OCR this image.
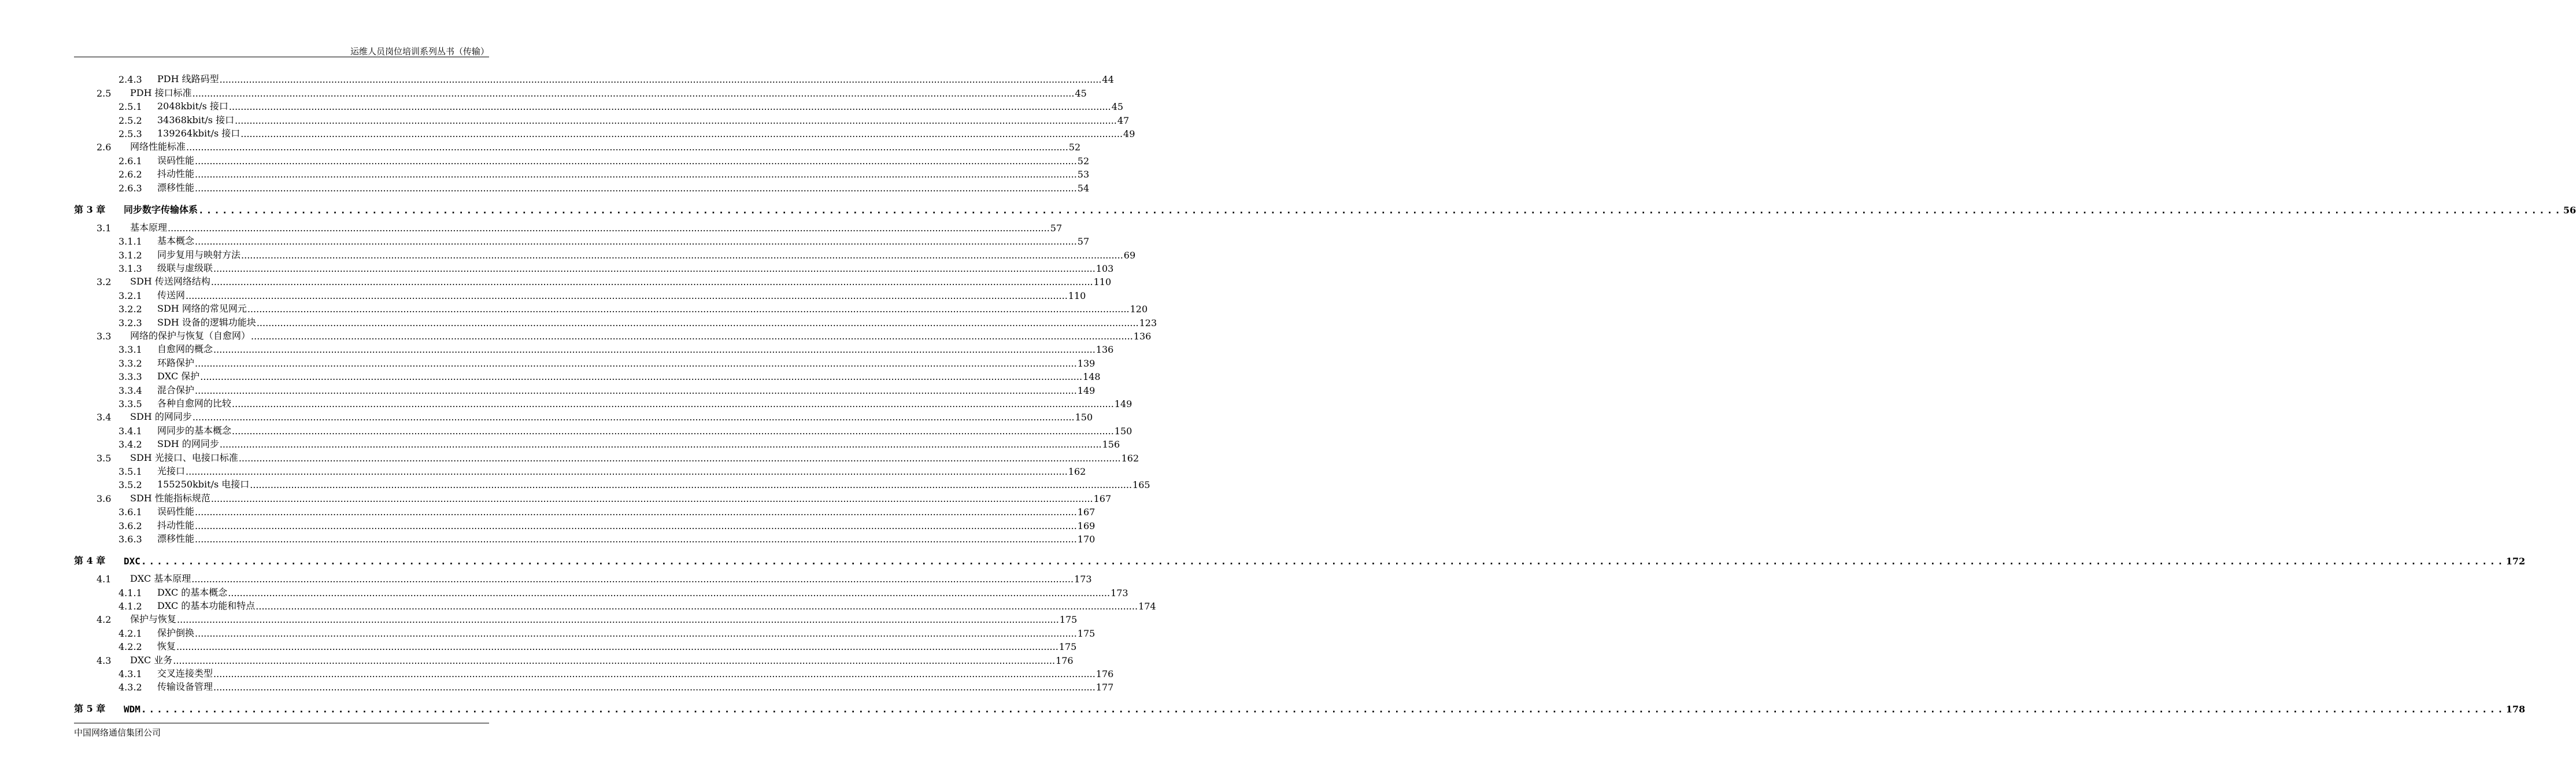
运维人员岗位培训系列丛书（传输）
2.4.3	PDH 线路码型 ............................................................................................................................................................................................................................................................................................................ 44
2.5	PDH 接口标准 ............................................................................................................................................................................................................................................................................................................ 45
2.5.1	2048kbit/s 接口 ............................................................................................................................................................................................................................................................................................................ 45
2.5.2	34368kbit/s 接口 ............................................................................................................................................................................................................................................................................................................ 47
2.5.3	139264kbit/s 接口 ............................................................................................................................................................................................................................................................................................................ 49
2.6	网络性能标准 ............................................................................................................................................................................................................................................................................................................ 52
2.6.1	误码性能 ............................................................................................................................................................................................................................................................................................................ 52
2.6.2	抖动性能 ............................................................................................................................................................................................................................................................................................................ 53
2.6.3	漂移性能 ............................................................................................................................................................................................................................................................................................................ 54
第 3 章	同步数字传输体系 ............................................................................................................................................................................................................................................................................................................ 56
3.1	基本原理 ............................................................................................................................................................................................................................................................................................................ 57
3.1.1	基本概念 ............................................................................................................................................................................................................................................................................................................ 57
3.1.2	同步复用与映射方法 ............................................................................................................................................................................................................................................................................................................ 69
3.1.3	级联与虚级联 ............................................................................................................................................................................................................................................................................................................ 103
3.2	SDH 传送网络结构 ............................................................................................................................................................................................................................................................................................................ 110
3.2.1	传送网 ............................................................................................................................................................................................................................................................................................................ 110
3.2.2	SDH 网络的常见网元 ............................................................................................................................................................................................................................................................................................................ 120
3.2.3	SDH 设备的逻辑功能块 ............................................................................................................................................................................................................................................................................................................ 123
3.3	网络的保护与恢复（自愈网） ............................................................................................................................................................................................................................................................................................................ 136
3.3.1	自愈网的概念 ............................................................................................................................................................................................................................................................................................................ 136
3.3.2	环路保护 ............................................................................................................................................................................................................................................................................................................ 139
3.3.3	DXC 保护 ............................................................................................................................................................................................................................................................................................................ 148
3.3.4	混合保护 ............................................................................................................................................................................................................................................................................................................ 149
3.3.5	各种自愈网的比较 ............................................................................................................................................................................................................................................................................................................ 149
3.4	SDH 的网同步 ............................................................................................................................................................................................................................................................................................................ 150
3.4.1	网同步的基本概念 ............................................................................................................................................................................................................................................................................................................ 150
3.4.2	SDH 的网同步 ............................................................................................................................................................................................................................................................................................................ 156
3.5	SDH 光接口、电接口标准 ............................................................................................................................................................................................................................................................................................................ 162
3.5.1	光接口 ............................................................................................................................................................................................................................................................................................................ 162
3.5.2	155250kbit/s 电接口 ............................................................................................................................................................................................................................................................................................................ 165
3.6	SDH 性能指标规范 ............................................................................................................................................................................................................................................................................................................ 167
3.6.1	误码性能 ............................................................................................................................................................................................................................................................................................................ 167
3.6.2	抖动性能 ............................................................................................................................................................................................................................................................................................................ 169
3.6.3	漂移性能 ............................................................................................................................................................................................................................................................................................................ 170
第 4 章	DXC ............................................................................................................................................................................................................................................................................................................ 172
4.1	DXC 基本原理 ............................................................................................................................................................................................................................................................................................................ 173
4.1.1	DXC 的基本概念 ............................................................................................................................................................................................................................................................................................................ 173
4.1.2	DXC 的基本功能和特点 ............................................................................................................................................................................................................................................................................................................ 174
4.2	保护与恢复 ............................................................................................................................................................................................................................................................................................................ 175
4.2.1	保护倒换 ............................................................................................................................................................................................................................................................................................................ 175
4.2.2	恢复 ............................................................................................................................................................................................................................................................................................................ 175
4.3	DXC 业务 ............................................................................................................................................................................................................................................................................................................ 176
4.3.1	交叉连接类型 ............................................................................................................................................................................................................................................................................................................ 176
4.3.2	传输设备管理 ............................................................................................................................................................................................................................................................................................................ 177
第 5 章	WDM ............................................................................................................................................................................................................................................................................................................ 178
中国网络通信集团公司
